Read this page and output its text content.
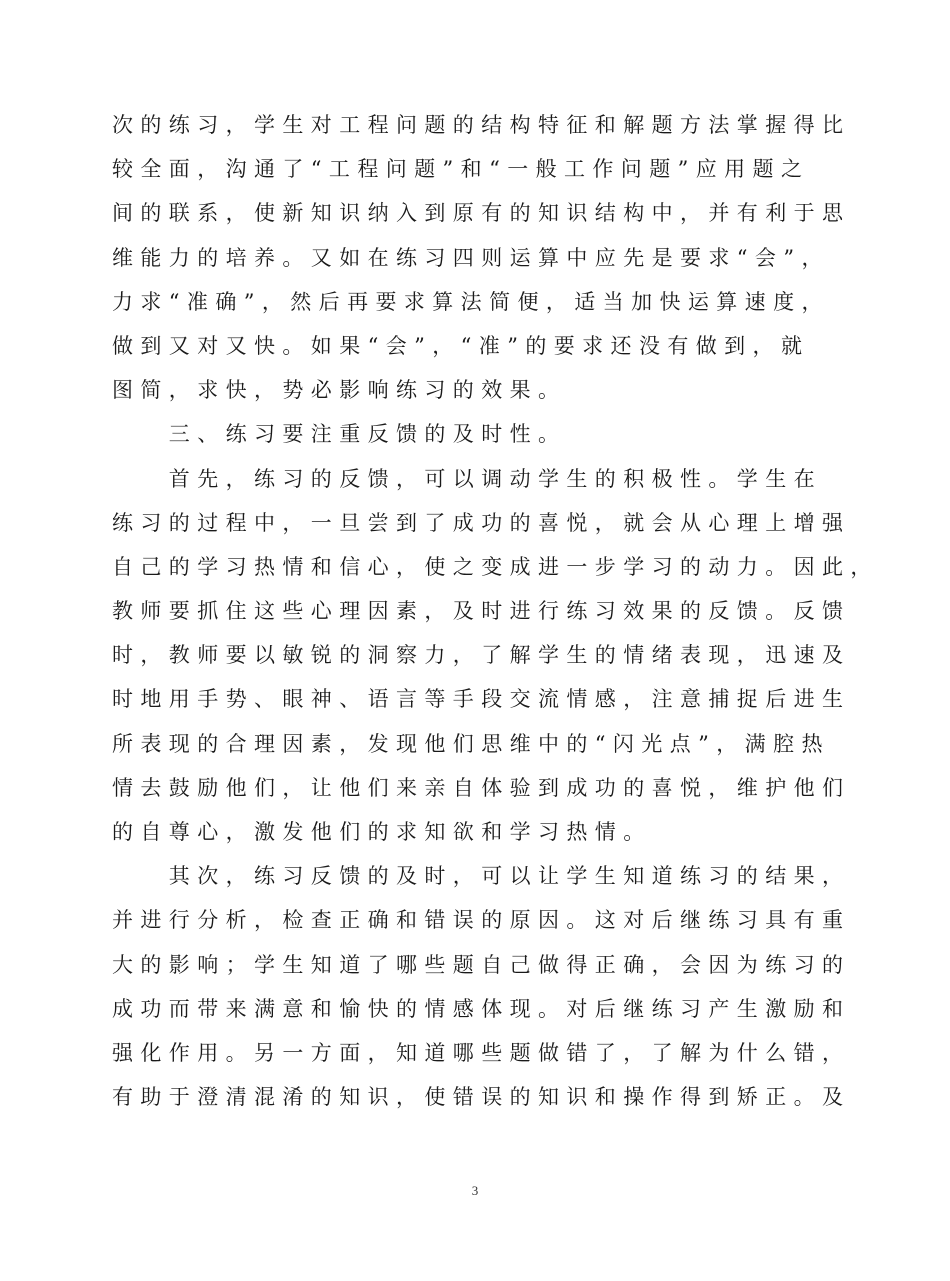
次的练习，学生对工程问题的结构特征和解题方法掌握得比
较全面，沟通了“工程问题”和“一般工作问题”应用题之
间的联系，使新知识纳入到原有的知识结构中，并有利于思
维能力的培养。又如在练习四则运算中应先是要求“会”，
力求“准确”，然后再要求算法简便，适当加快运算速度，
做到又对又快。如果“会”，“准”的要求还没有做到，就
图简，求快，势必影响练习的效果。
　　三、练习要注重反馈的及时性。
　　首先，练习的反馈，可以调动学生的积极性。学生在
练习的过程中，一旦尝到了成功的喜悦，就会从心理上增强
自己的学习热情和信心，使之变成进一步学习的动力。因此，
教师要抓住这些心理因素，及时进行练习效果的反馈。反馈
时，教师要以敏锐的洞察力，了解学生的情绪表现，迅速及
时地用手势、眼神、语言等手段交流情感，注意捕捉后进生
所表现的合理因素，发现他们思维中的“闪光点”，满腔热
情去鼓励他们，让他们来亲自体验到成功的喜悦，维护他们
的自尊心，激发他们的求知欲和学习热情。
　　其次，练习反馈的及时，可以让学生知道练习的结果，
并进行分析，检查正确和错误的原因。这对后继练习具有重
大的影响；学生知道了哪些题自己做得正确，会因为练习的
成功而带来满意和愉快的情感体现。对后继练习产生激励和
强化作用。另一方面，知道哪些题做错了，了解为什么错，
有助于澄清混淆的知识，使错误的知识和操作得到矫正。及
3
